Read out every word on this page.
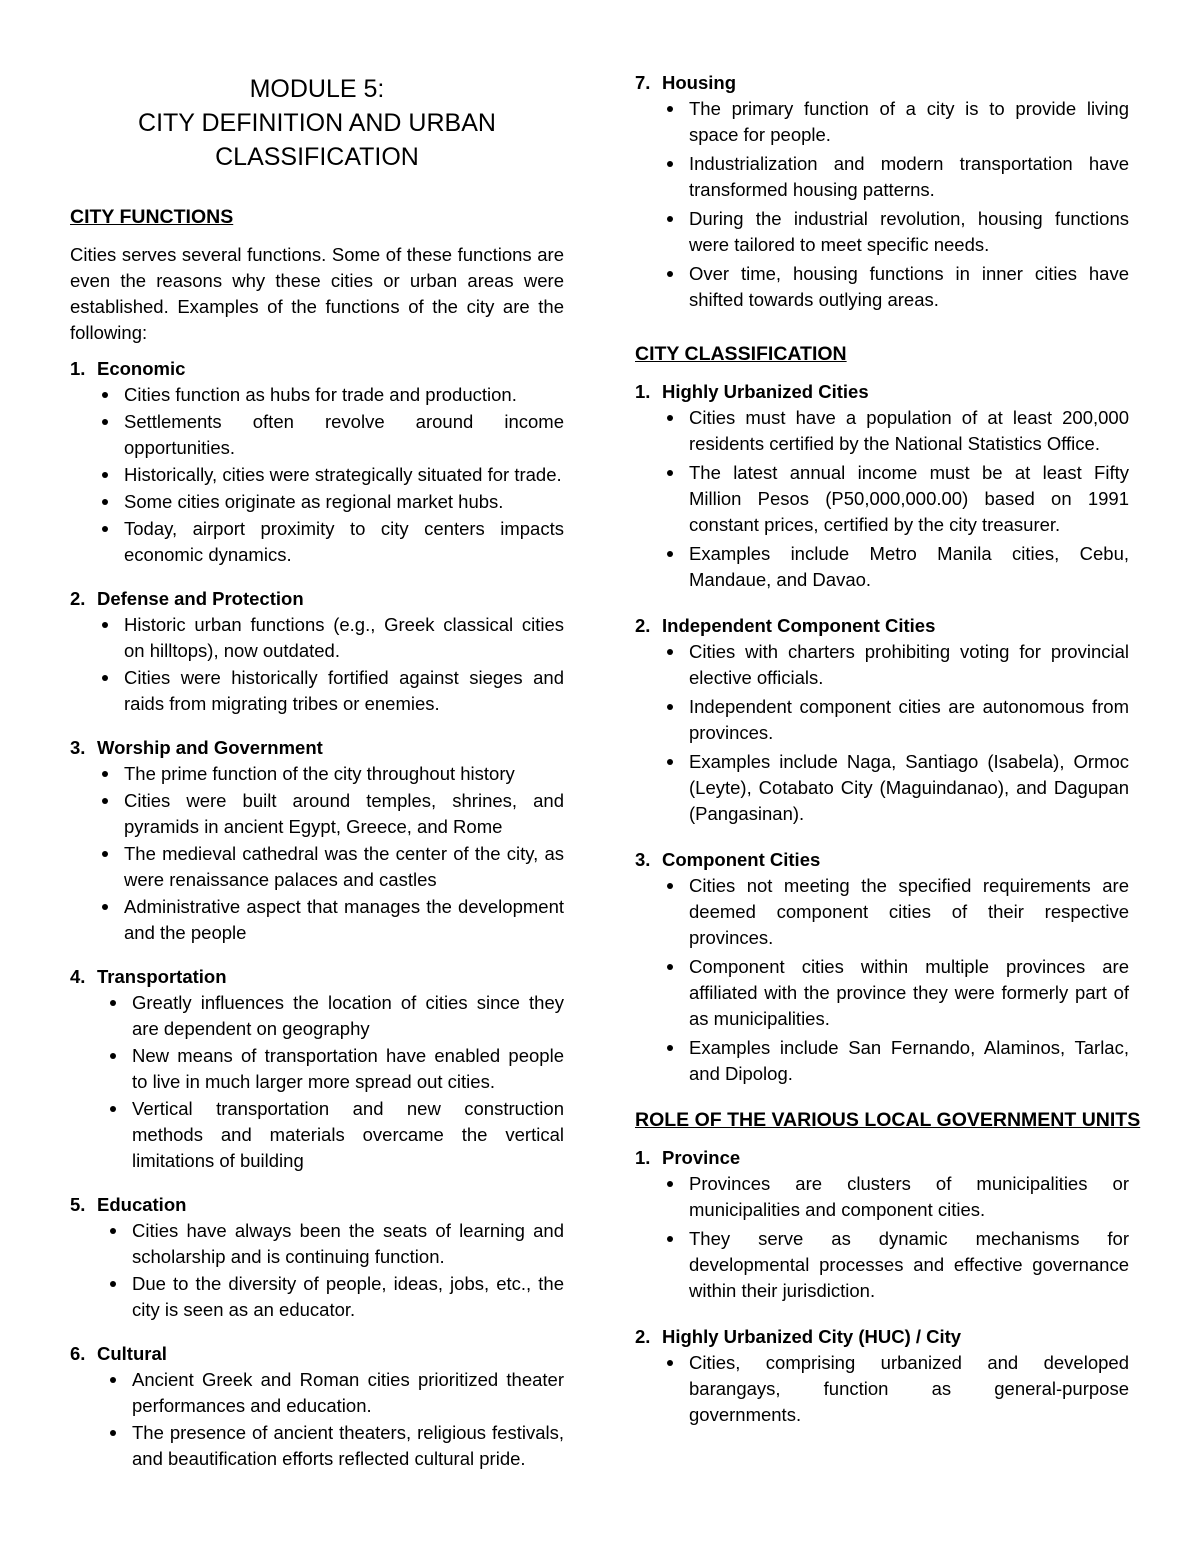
MODULE 5:
CITY DEFINITION AND URBAN
CLASSIFICATION
CITY FUNCTIONS
Cities serves several functions. Some of these functions are even the reasons why these cities or urban areas were established. Examples of the functions of the city are the following:
1. Economic
Cities function as hubs for trade and production.
Settlements often revolve around income opportunities.
Historically, cities were strategically situated for trade.
Some cities originate as regional market hubs.
Today, airport proximity to city centers impacts economic dynamics.
2. Defense and Protection
Historic urban functions (e.g., Greek classical cities on hilltops), now outdated.
Cities were historically fortified against sieges and raids from migrating tribes or enemies.
3. Worship and Government
The prime function of the city throughout history
Cities were built around temples, shrines, and pyramids in ancient Egypt, Greece, and Rome
The medieval cathedral was the center of the city, as were renaissance palaces and castles
Administrative aspect that manages the development and the people
4. Transportation
Greatly influences the location of cities since they are dependent on geography
New means of transportation have enabled people to live in much larger more spread out cities.
Vertical transportation and new construction methods and materials overcame the vertical limitations of building
5. Education
Cities have always been the seats of learning and scholarship and is continuing function.
Due to the diversity of people, ideas, jobs, etc., the city is seen as an educator.
6. Cultural
Ancient Greek and Roman cities prioritized theater performances and education.
The presence of ancient theaters, religious festivals, and beautification efforts reflected cultural pride.
7. Housing
The primary function of a city is to provide living space for people.
Industrialization and modern transportation have transformed housing patterns.
During the industrial revolution, housing functions were tailored to meet specific needs.
Over time, housing functions in inner cities have shifted towards outlying areas.
CITY CLASSIFICATION
1. Highly Urbanized Cities
Cities must have a population of at least 200,000 residents certified by the National Statistics Office.
The latest annual income must be at least Fifty Million Pesos (P50,000,000.00) based on 1991 constant prices, certified by the city treasurer.
Examples include Metro Manila cities, Cebu, Mandaue, and Davao.
2. Independent Component Cities
Cities with charters prohibiting voting for provincial elective officials.
Independent component cities are autonomous from provinces.
Examples include Naga, Santiago (Isabela), Ormoc (Leyte), Cotabato City (Maguindanao), and Dagupan (Pangasinan).
3. Component Cities
Cities not meeting the specified requirements are deemed component cities of their respective provinces.
Component cities within multiple provinces are affiliated with the province they were formerly part of as municipalities.
Examples include San Fernando, Alaminos, Tarlac, and Dipolog.
ROLE OF THE VARIOUS LOCAL GOVERNMENT UNITS
1. Province
Provinces are clusters of municipalities or municipalities and component cities.
They serve as dynamic mechanisms for developmental processes and effective governance within their jurisdiction.
2. Highly Urbanized City (HUC) / City
Cities, comprising urbanized and developed barangays, function as general-purpose governments.
